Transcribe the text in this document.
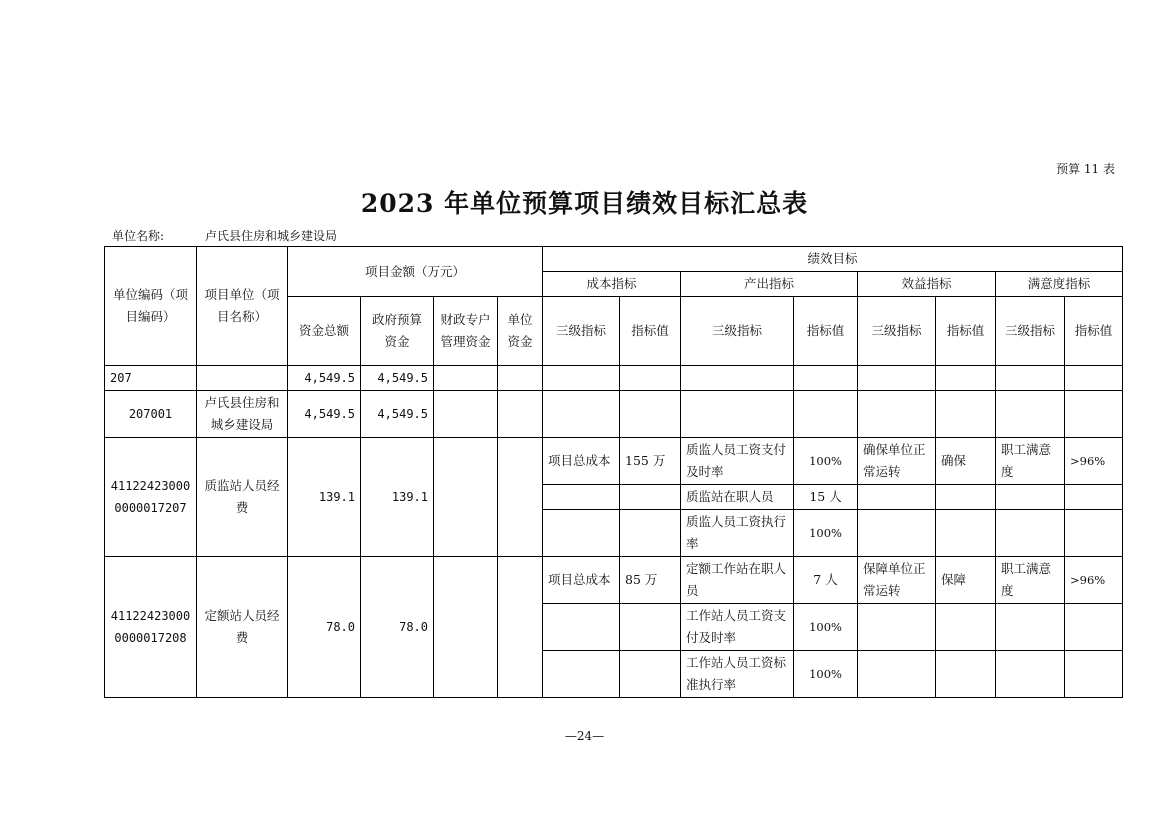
预算 11 表
2023 年单位预算项目绩效目标汇总表
单位名称:	卢氏县住房和城乡建设局
单位编码（项目编码）	项目单位（项目名称）	项目金额（万元）				绩效目标							
						成本指标		产出指标		效益指标		满意度指标	
		资金总额	政府预算资金	财政专户管理资金	单位资金	三级指标	指标值	三级指标	指标值	三级指标	指标值	三级指标	指标值
207		4,549.5	4,549.5										
207001	卢氏县住房和城乡建设局	4,549.5	4,549.5										
411224230000000017207	质监站人员经费	139.1	139.1			项目总成本	155 万	质监人员工资支付及时率	100%	确保单位正常运转	确保	职工满意度	>96%
								质监站在职人员	15 人				
								质监人员工资执行率	100%				
411224230000000017208	定额站人员经费	78.0	78.0			项目总成本	85 万	定额工作站在职人员	7 人	保障单位正常运转	保障	职工满意度	>96%
								工作站人员工资支付及时率	100%				
								工作站人员工资标准执行率	100%				
—24—
